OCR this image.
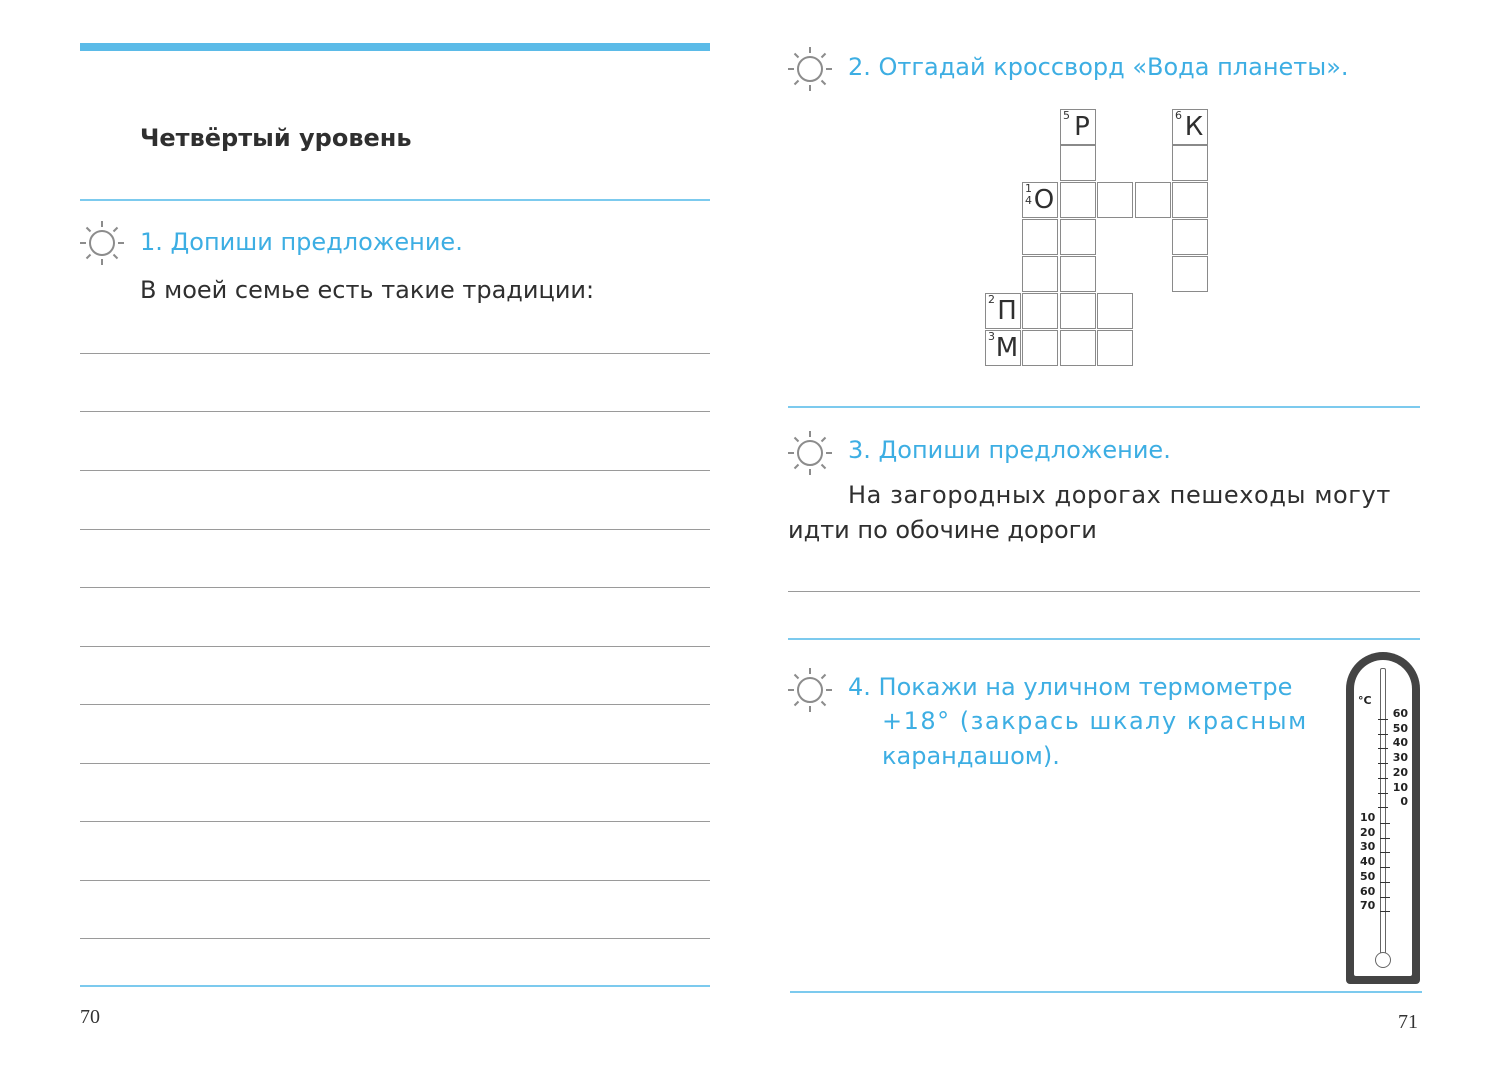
Четвёртый уровень
1. Допиши предложение.
В моей семье есть такие традиции:
70
2. Отгадай кроссворд «Вода планеты».
5 Р	6 К
1
4 О
2 П
3 М
3. Допиши предложение.
На загородных дорогах пешеходы могут
идти по обочине дороги
4. Покажи на уличном термометре
+18° (закрась шкалу красным
карандашом).
°C
60
50
40
30
20
10
0
10
20
30
40
50
60
70
71
